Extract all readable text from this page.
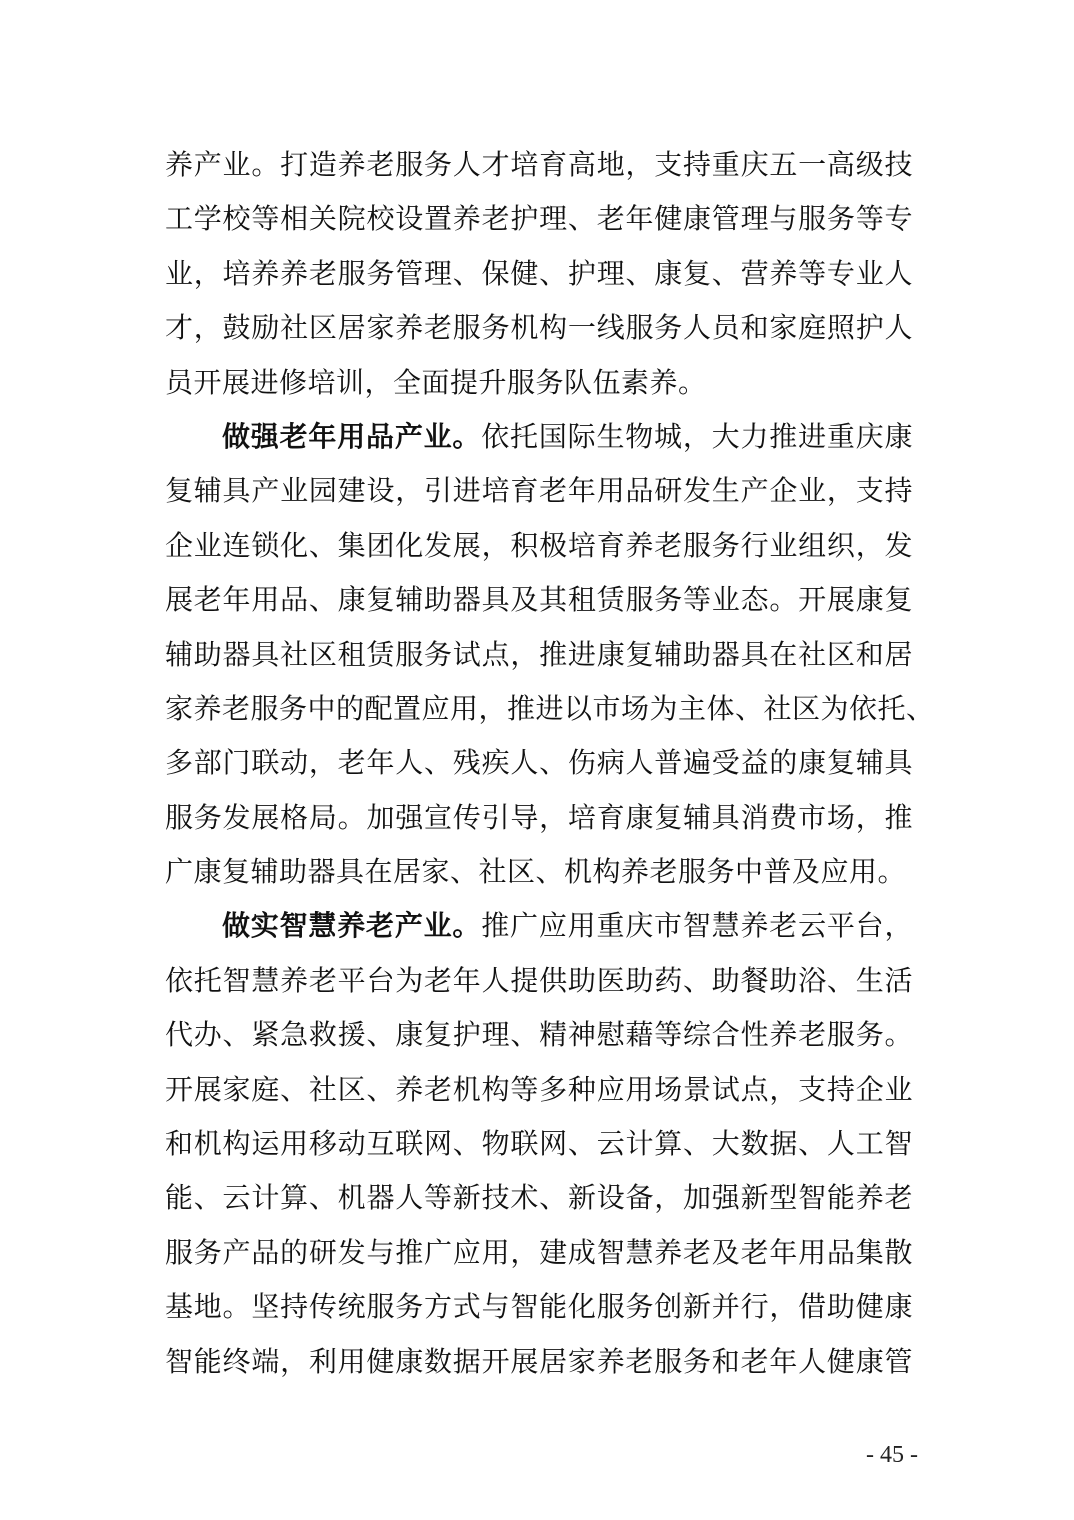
养产业。打造养老服务人才培育高地，支持重庆五一高级技
工学校等相关院校设置养老护理、老年健康管理与服务等专
业，培养养老服务管理、保健、护理、康复、营养等专业人
才，鼓励社区居家养老服务机构一线服务人员和家庭照护人
员开展进修培训，全面提升服务队伍素养。
做强老年用品产业。依托国际生物城，大力推进重庆康
复辅具产业园建设，引进培育老年用品研发生产企业，支持
企业连锁化、集团化发展，积极培育养老服务行业组织，发
展老年用品、康复辅助器具及其租赁服务等业态。开展康复
辅助器具社区租赁服务试点，推进康复辅助器具在社区和居
家养老服务中的配置应用，推进以市场为主体、社区为依托、
多部门联动，老年人、残疾人、伤病人普遍受益的康复辅具
服务发展格局。加强宣传引导，培育康复辅具消费市场，推
广康复辅助器具在居家、社区、机构养老服务中普及应用。
做实智慧养老产业。推广应用重庆市智慧养老云平台，
依托智慧养老平台为老年人提供助医助药、助餐助浴、生活
代办、紧急救援、康复护理、精神慰藉等综合性养老服务。
开展家庭、社区、养老机构等多种应用场景试点，支持企业
和机构运用移动互联网、物联网、云计算、大数据、人工智
能、云计算、机器人等新技术、新设备，加强新型智能养老
服务产品的研发与推广应用，建成智慧养老及老年用品集散
基地。坚持传统服务方式与智能化服务创新并行，借助健康
智能终端，利用健康数据开展居家养老服务和老年人健康管
- 45 -
